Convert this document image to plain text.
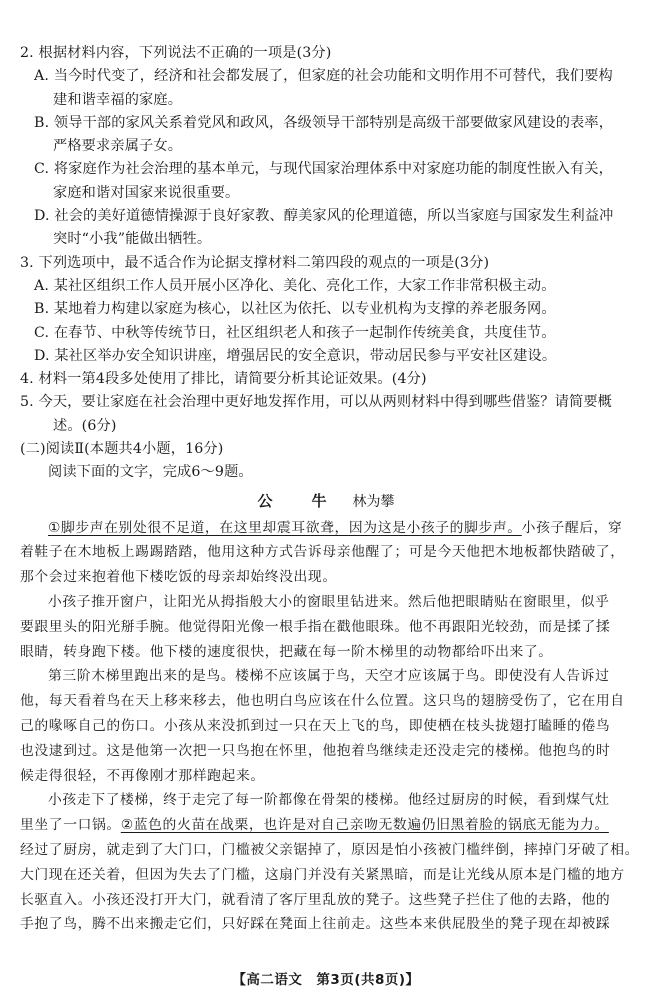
2. 根据材料内容，下列说法不正确的一项是(3分)
A. 当今时代变了，经济和社会都发展了，但家庭的社会功能和文明作用不可替代，我们要构
建和谐幸福的家庭。
B. 领导干部的家风关系着党风和政风，各级领导干部特别是高级干部要做家风建设的表率，
严格要求亲属子女。
C. 将家庭作为社会治理的基本单元，与现代国家治理体系中对家庭功能的制度性嵌入有关，
家庭和谐对国家来说很重要。
D. 社会的美好道德情操源于良好家教、醇美家风的伦理道德，所以当家庭与国家发生利益冲
突时“小我”能做出牺牲。
3. 下列选项中，最不适合作为论据支撑材料二第四段的观点的一项是(3分)
A. 某社区组织工作人员开展小区净化、美化、亮化工作，大家工作非常积极主动。
B. 某地着力构建以家庭为核心，以社区为依托、以专业机构为支撑的养老服务网。
C. 在春节、中秋等传统节日，社区组织老人和孩子一起制作传统美食，共度佳节。
D. 某社区举办安全知识讲座，增强居民的安全意识，带动居民参与平安社区建设。
4. 材料一第4段多处使用了排比，请简要分析其论证效果。(4分)
5. 今天，要让家庭在社会治理中更好地发挥作用，可以从两则材料中得到哪些借鉴？请简要概
述。(6分)
(二)阅读Ⅱ(本题共4小题，16分)
阅读下面的文字，完成6～9题。
公　牛 林为攀
①脚步声在别处很不足道，在这里却震耳欲聋，因为这是小孩子的脚步声。小孩子醒后，穿
着鞋子在木地板上踢踢踏踏，他用这种方式告诉母亲他醒了；可是今天他把木地板都快踏破了，
那个会过来抱着他下楼吃饭的母亲却始终没出现。
小孩子推开窗户，让阳光从拇指般大小的窗眼里钻进来。然后他把眼睛贴在窗眼里，似乎
要跟里头的阳光掰手腕。他觉得阳光像一根手指在戳他眼珠。他不再跟阳光较劲，而是揉了揉
眼睛，转身跑下楼。他下楼的速度很快，把藏在每一阶木梯里的动物都给吓出来了。
第三阶木梯里跑出来的是鸟。楼梯不应该属于鸟，天空才应该属于鸟。即使没有人告诉过
他，每天看着鸟在天上移来移去，他也明白鸟应该在什么位置。这只鸟的翅膀受伤了，它在用自
己的喙啄自己的伤口。小孩从来没抓到过一只在天上飞的鸟，即使栖在枝头拢翅打瞌睡的倦鸟
也没逮到过。这是他第一次把一只鸟抱在怀里，他抱着鸟继续走还没走完的楼梯。他抱鸟的时
候走得很轻，不再像刚才那样跑起来。
小孩走下了楼梯，终于走完了每一阶都像在骨架的楼梯。他经过厨房的时候，看到煤气灶
里坐了一口锅。②蓝色的火苗在战栗，也许是对自己亲吻无数遍仍旧黑着脸的锅底无能为力。
经过了厨房，就走到了大门口，门槛被父亲锯掉了，原因是怕小孩被门槛绊倒，摔掉门牙破了相。
大门现在还关着，但因为失去了门槛，这扇门并没有关紧黑暗，而是让光线从原本是门槛的地方
长驱直入。小孩还没打开大门，就看清了客厅里乱放的凳子。这些凳子拦住了他的去路，他的
手抱了鸟，腾不出来搬走它们，只好踩在凳面上往前走。这些本来供屁股坐的凳子现在却被踩
【高二语文　第3页(共8页)】
